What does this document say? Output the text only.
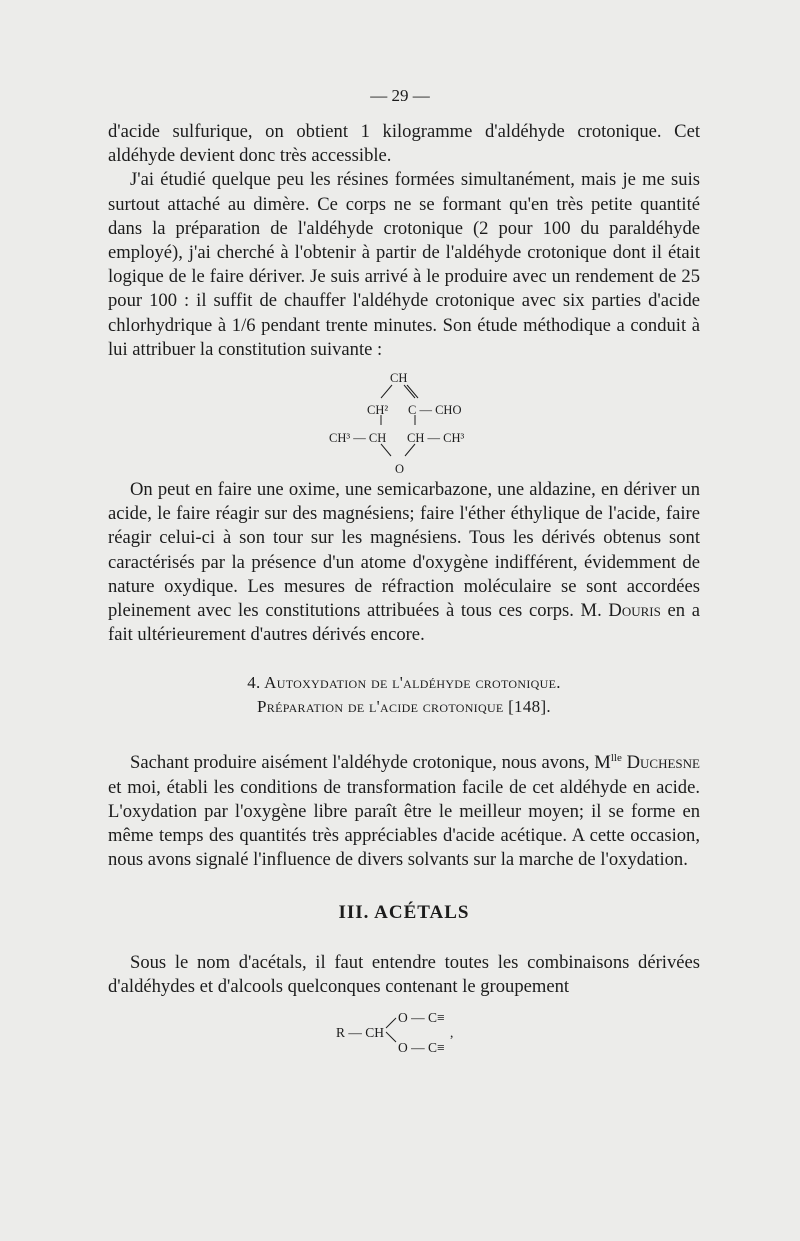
— 29 —

d'acide sulfurique, on obtient 1 kilogramme d'aldéhyde crotonique. Cet aldéhyde devient donc très accessible.

J'ai étudié quelque peu les résines formées simultanément, mais je me suis surtout attaché au dimère. Ce corps ne se formant qu'en très petite quantité dans la préparation de l'aldéhyde crotonique (2 pour 100 du paraldéhyde employé), j'ai cherché à l'obtenir à partir de l'aldéhyde crotonique dont il était logique de le faire dériver. Je suis arrivé à le produire avec un rendement de 25 pour 100 : il suffit de chauffer l'aldéhyde crotonique avec six parties d'acide chlorhydrique à 1/6 pendant trente minutes. Son étude méthodique a conduit à lui attribuer la constitution suivante :

CH
CH² C — CHO
CH³ — CH CH — CH³
O

On peut en faire une oxime, une semicarbazone, une aldazine, en dériver un acide, le faire réagir sur des magnésiens; faire l'éther éthylique de l'acide, faire réagir celui-ci à son tour sur les magnésiens. Tous les dérivés obtenus sont caractérisés par la présence d'un atome d'oxygène indifférent, évidemment de nature oxydique. Les mesures de réfraction moléculaire se sont accordées pleinement avec les constitutions attribuées à tous ces corps. M. Douris en a fait ultérieurement d'autres dérivés encore.

4. Autoxydation de l'aldéhyde crotonique.
Préparation de l'acide crotonique [148].

Sachant produire aisément l'aldéhyde crotonique, nous avons, $M^{lle}$ Duchesne et moi, établi les conditions de transformation facile de cet aldéhyde en acide. L'oxydation par l'oxygène libre paraît être le meilleur moyen; il se forme en même temps des quantités très appréciables d'acide acétique. A cette occasion, nous avons signalé l'influence de divers solvants sur la marche de l'oxydation.

III. ACÉTALS

Sous le nom d'acétals, il faut entendre toutes les combinaisons dérivées d'aldéhydes et d'alcools quelconques contenant le groupement

R — CH
O — C≡
O — C≡
,
